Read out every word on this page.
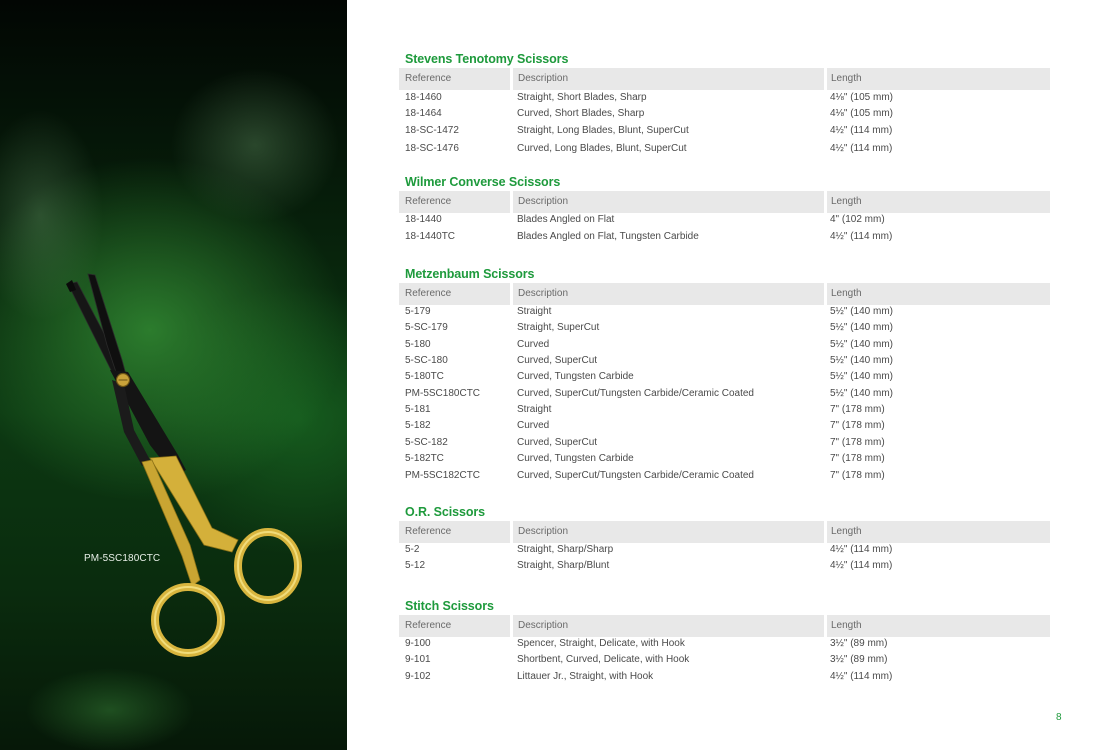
PM-5SC180CTC
Stevens Tenotomy Scissors
Reference	Description	Length
18-1460	Straight, Short Blades, Sharp	4⅛" (105 mm)
18-1464	Curved, Short Blades, Sharp	4⅛" (105 mm)
18-SC-1472	Straight, Long Blades, Blunt, SuperCut	4½" (114 mm)
18-SC-1476	Curved, Long Blades, Blunt, SuperCut	4½" (114 mm)
Wilmer Converse Scissors
Reference	Description	Length
18-1440	Blades Angled on Flat	4" (102 mm)
18-1440TC	Blades Angled on Flat, Tungsten Carbide	4½" (114 mm)
Metzenbaum Scissors
Reference	Description	Length
5-179	Straight	5½" (140 mm)
5-SC-179	Straight, SuperCut	5½" (140 mm)
5-180	Curved	5½" (140 mm)
5-SC-180	Curved, SuperCut	5½" (140 mm)
5-180TC	Curved, Tungsten Carbide	5½" (140 mm)
PM-5SC180CTC	Curved, SuperCut/Tungsten Carbide/Ceramic Coated	5½" (140 mm)
5-181	Straight	7" (178 mm)
5-182	Curved	7" (178 mm)
5-SC-182	Curved, SuperCut	7" (178 mm)
5-182TC	Curved, Tungsten Carbide	7" (178 mm)
PM-5SC182CTC	Curved, SuperCut/Tungsten Carbide/Ceramic Coated	7" (178 mm)
O.R. Scissors
Reference	Description	Length
5-2	Straight, Sharp/Sharp	4½" (114 mm)
5-12	Straight, Sharp/Blunt	4½" (114 mm)
Stitch Scissors
Reference	Description	Length
9-100	Spencer, Straight, Delicate, with Hook	3½" (89 mm)
9-101	Shortbent, Curved, Delicate, with Hook	3½" (89 mm)
9-102	Littauer Jr., Straight, with Hook	4½" (114 mm)
8
